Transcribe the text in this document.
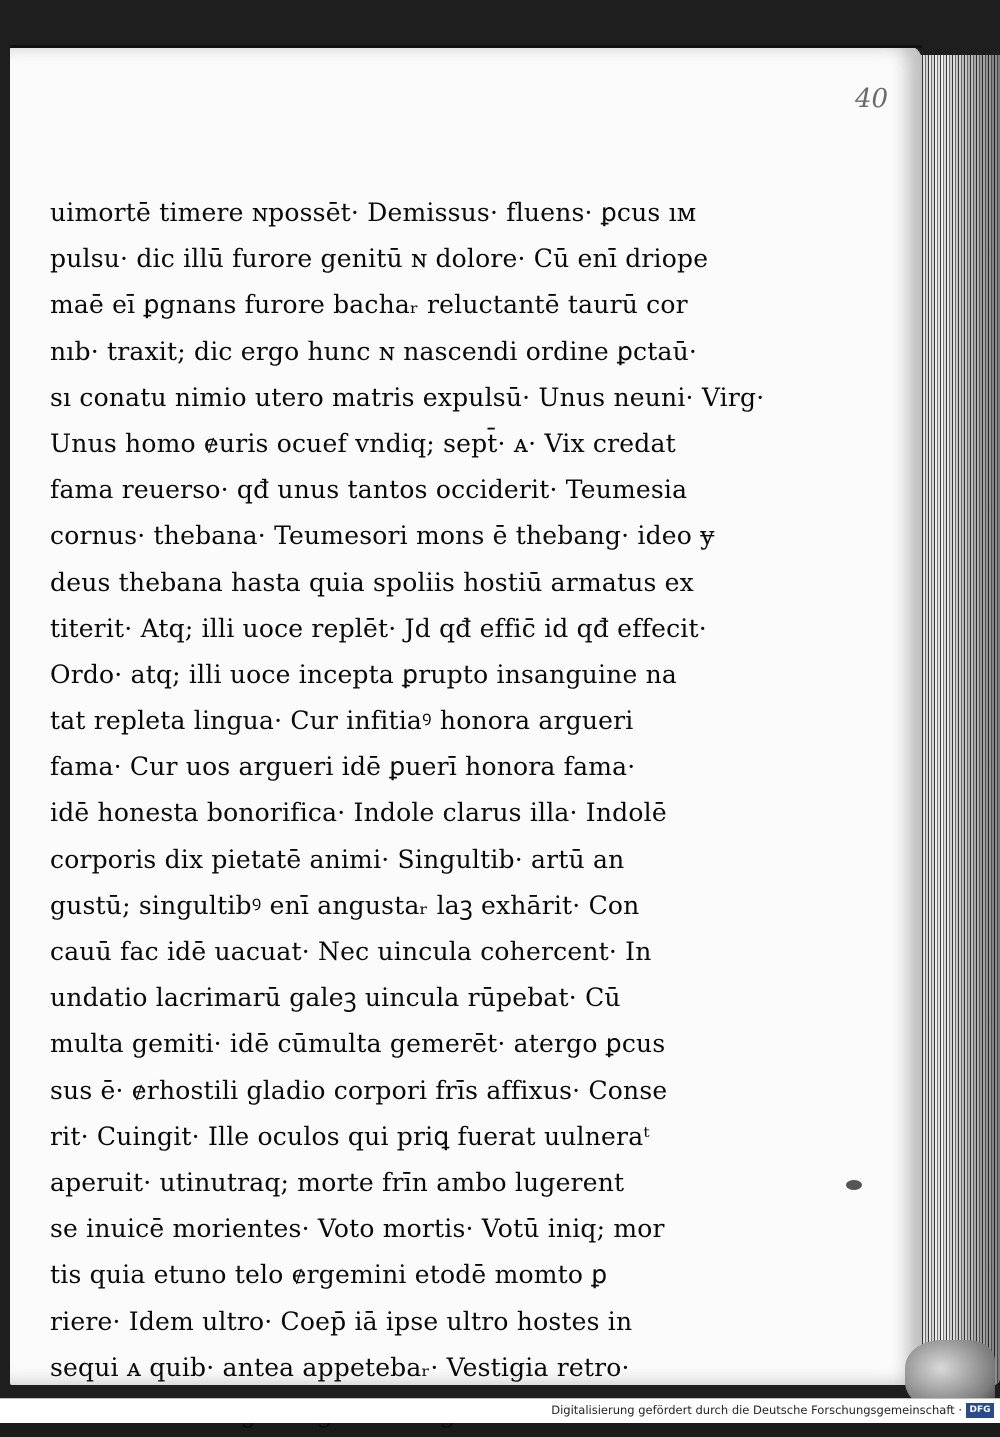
40
uimortē timere ɴpossēt· Demissus· fluens· ꝑcus ıᴍ
pulsu· dic illū furore genitū ɴ dolore· Cū enī driope
maē eī ꝑgnans furore bachaᵣ reluctantē taurū cor
nıb· traxit; dic ergo hunc ɴ nascendi ordine ꝑctaū·
sı conatu nimio utero matris expulsū· Unus neuni· Virg·
Unus homo ɇuris ocuef vndiq; sept̄· ᴀ· Vix credat
fama reuerso· qđ unus tantos occiderit· Teumesia
cornus· thebana· Teumesori mons ē thebang· ideo ɏ
deus thebana hasta quia spoliis hostiū armatus ex
titerit· Atq; illi uoce replēt· Jd qđ effic̄ id qđ effecit·
Ordo· atq; illi uoce incepta ꝑrupto insanguine na
tat repleta lingua· Cur infitiaꝰ honora argueri
fama· Cur uos argueri idē ꝑuerī honora fama·
idē honesta bonorifica· Indole clarus illa· Indolē
corporis dix pietatē animi· Singultib· artū an
gustū; singultibꝰ enī angustaᵣ laꝫ exhārit· Con
cauū fac idē uacuat· Nec uincula cohercent· In
undatio lacrimarū galeꝫ uincula rūpebat· Cū
multa gemiti· idē cūmulta gemerēt· atergo ꝑcus
sus ē· ɇrhostili gladio corpori frīs affixus· Conse
rit· Cuingit· Ille oculos qui priꝗ fuerat uulneraᵗ
aperuit· utinutraq; morte frīn ambo lugerent
se inuicē morientes· Voto mortis· Votū iniq; mor
tis quia etuno telo ɇrgemini etodē momto ꝑ
riere· Idem ultro· Coep̄ iā ipse ultro hostes in
sequi ᴀ quib· antea appetebaᵣ· Vestigia retro·
Digitalisierung gefördert durch die Deutsche Forschungsgemeinschaft · DFG
